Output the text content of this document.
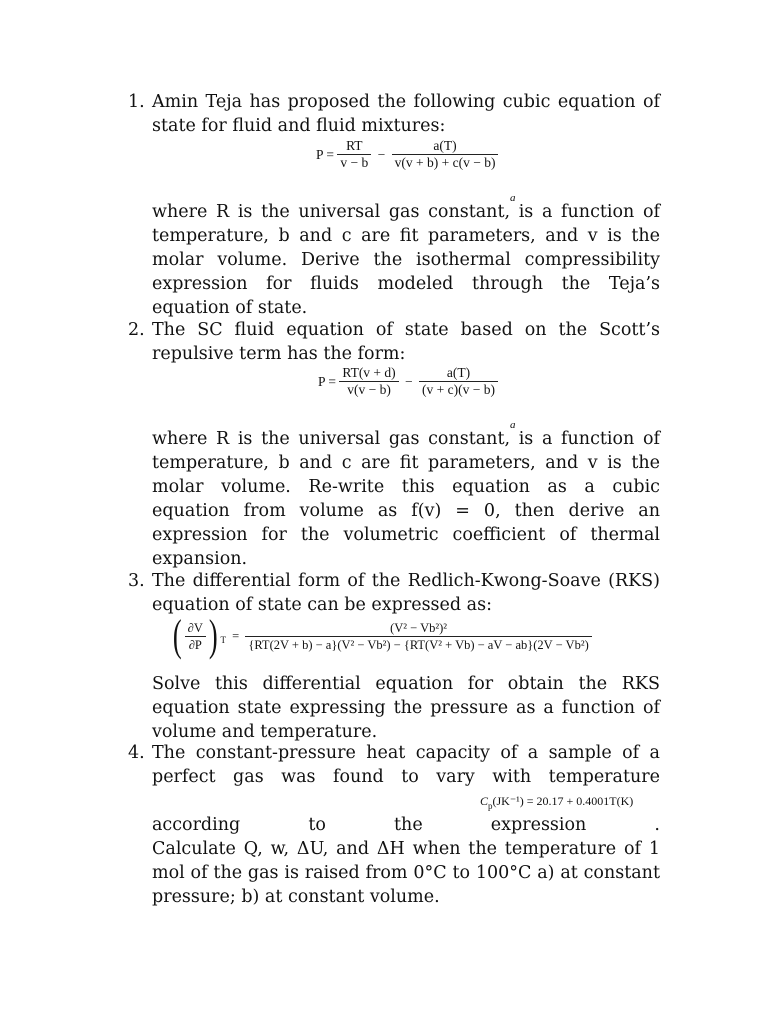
1. Amin Teja has proposed the following cubic equation of
state for fluid and fluid mixtures:
$P = \frac{RT}{v - b} - \frac{a(T)}{v(v + b) + c(v - b)}$
a
where R is the universal gas constant, is a function of
temperature, b and c are fit parameters, and v is the
molar volume. Derive the isothermal compressibility
expression for fluids modeled through the Teja’s
equation of state.
2. The SC fluid equation of state based on the Scott’s
repulsive term has the form:
$P = \frac{RT(v + d)}{v(v - b)} - \frac{a(T)}{(v + c)(v - b)}$
a
where R is the universal gas constant, is a function of
temperature, b and c are fit parameters, and v is the
molar volume. Re-write this equation as a cubic
equation from volume as f(v) = 0, then derive an
expression for the volumetric coefficient of thermal
expansion.
3. The differential form of the Redlich-Kwong-Soave (RKS)
equation of state can be expressed as:
( $\frac{\partial V}{\partial P}$ ) $_T$ =
(V² − Vb²)²
{RT(2V + b) − a}(V² − Vb²) − {RT(V² + Vb) − aV − ab}(2V − Vb²)
Solve this differential equation for obtain the RKS
equation state expressing the pressure as a function of
volume and temperature.
4. The constant-pressure heat capacity of a sample of a
perfect gas was found to vary with temperature
$C_p(JK^{-1}) = 20.17 + 0.4001T(K)$
according to the expression .
Calculate Q, w, ΔU, and ΔH when the temperature of 1
mol of the gas is raised from 0°C to 100°C a) at constant
pressure; b) at constant volume.
